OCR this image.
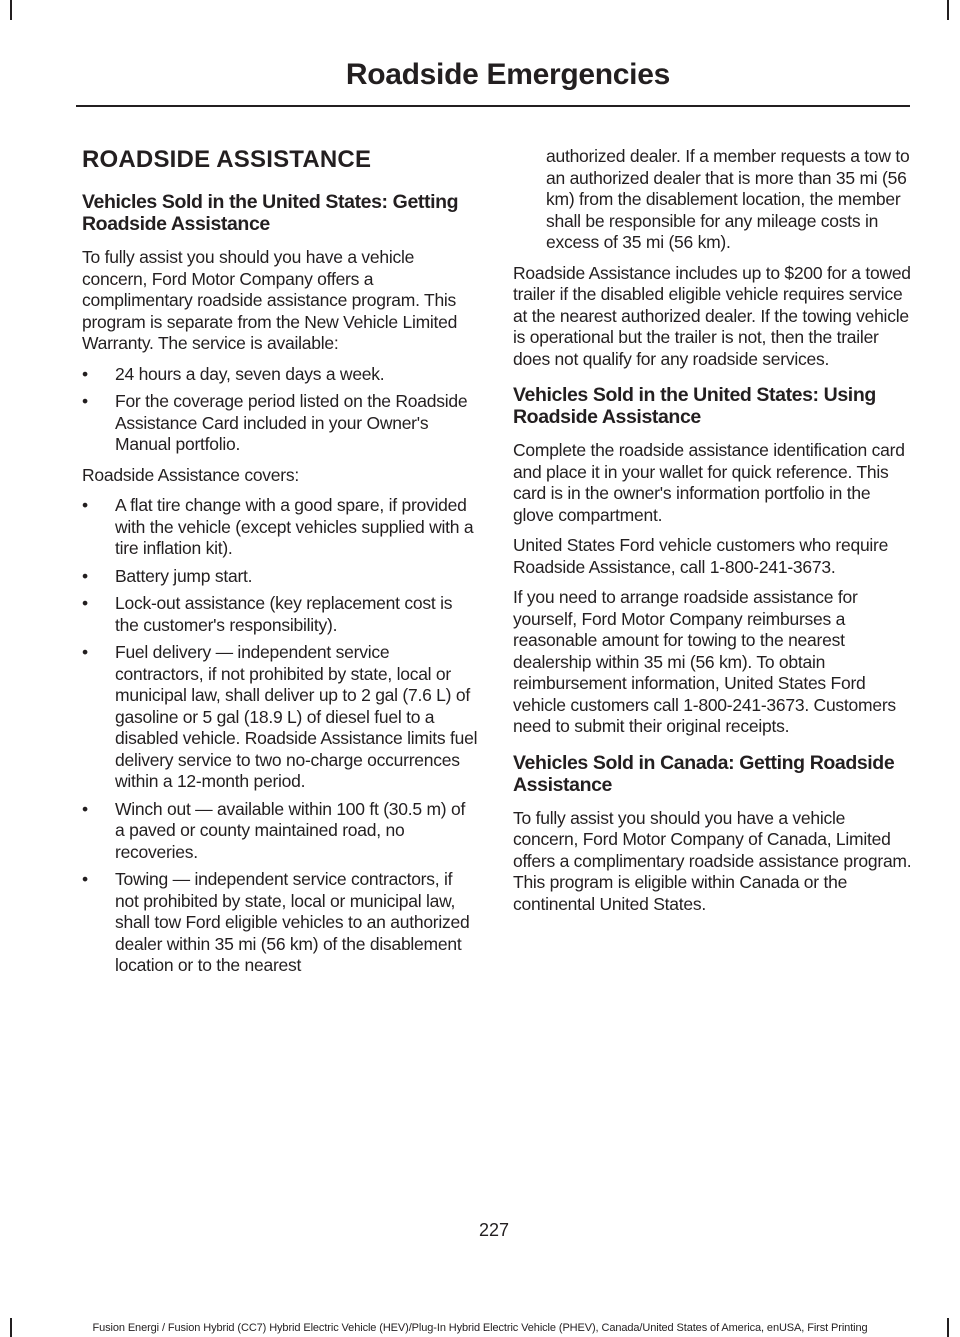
Roadside Emergencies
ROADSIDE ASSISTANCE
Vehicles Sold in the United States: Getting Roadside Assistance

To fully assist you should you have a vehicle concern, Ford Motor Company offers a complimentary roadside assistance program. This program is separate from the New Vehicle Limited Warranty. The service is available:

• 24 hours a day, seven days a week.
• For the coverage period listed on the Roadside Assistance Card included in your Owner's Manual portfolio.

Roadside Assistance covers:

• A flat tire change with a good spare, if provided with the vehicle (except vehicles supplied with a tire inflation kit).
• Battery jump start.
• Lock-out assistance (key replacement cost is the customer's responsibility).
• Fuel delivery — independent service contractors, if not prohibited by state, local or municipal law, shall deliver up to 2 gal (7.6 L) of gasoline or 5 gal (18.9 L) of diesel fuel to a disabled vehicle. Roadside Assistance limits fuel delivery service to two no-charge occurrences within a 12-month period.
• Winch out — available within 100 ft (30.5 m) of a paved or county maintained road, no recoveries.
• Towing — independent service contractors, if not prohibited by state, local or municipal law, shall tow Ford eligible vehicles to an authorized dealer within 35 mi (56 km) of the disablement location or to the nearest

authorized dealer. If a member requests a tow to an authorized dealer that is more than 35 mi (56 km) from the disablement location, the member shall be responsible for any mileage costs in excess of 35 mi (56 km).

Roadside Assistance includes up to $200 for a towed trailer if the disabled eligible vehicle requires service at the nearest authorized dealer. If the towing vehicle is operational but the trailer is not, then the trailer does not qualify for any roadside services.

Vehicles Sold in the United States: Using Roadside Assistance

Complete the roadside assistance identification card and place it in your wallet for quick reference. This card is in the owner's information portfolio in the glove compartment.

United States Ford vehicle customers who require Roadside Assistance, call 1-800-241-3673.

If you need to arrange roadside assistance for yourself, Ford Motor Company reimburses a reasonable amount for towing to the nearest dealership within 35 mi (56 km). To obtain reimbursement information, United States Ford vehicle customers call 1-800-241-3673. Customers need to submit their original receipts.

Vehicles Sold in Canada: Getting Roadside Assistance

To fully assist you should you have a vehicle concern, Ford Motor Company of Canada, Limited offers a complimentary roadside assistance program. This program is eligible within Canada or the continental United States.

227
Fusion Energi / Fusion Hybrid (CC7) Hybrid Electric Vehicle (HEV)/Plug-In Hybrid Electric Vehicle (PHEV), Canada/United States of America, enUSA, First Printing
